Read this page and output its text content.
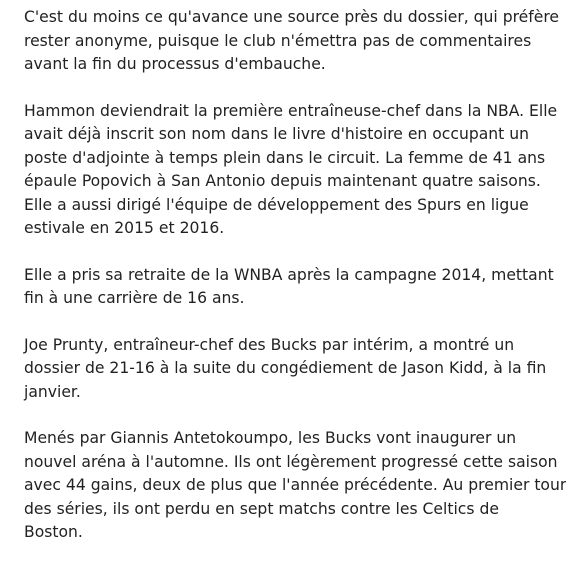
C'est du moins ce qu'avance une source près du dossier, qui préfère
rester anonyme, puisque le club n'émettra pas de commentaires
avant la fin du processus d'embauche.

Hammon deviendrait la première entraîneuse-chef dans la NBA. Elle
avait déjà inscrit son nom dans le livre d'histoire en occupant un
poste d'adjointe à temps plein dans le circuit. La femme de 41 ans
épaule Popovich à San Antonio depuis maintenant quatre saisons.
Elle a aussi dirigé l'équipe de développement des Spurs en ligue
estivale en 2015 et 2016.

Elle a pris sa retraite de la WNBA après la campagne 2014, mettant
fin à une carrière de 16 ans.

Joe Prunty, entraîneur-chef des Bucks par intérim, a montré un
dossier de 21-16 à la suite du congédiement de Jason Kidd, à la fin
janvier.

Menés par Giannis Antetokoumpo, les Bucks vont inaugurer un
nouvel aréna à l'automne. Ils ont légèrement progressé cette saison
avec 44 gains, deux de plus que l'année précédente. Au premier tour
des séries, ils ont perdu en sept matchs contre les Celtics de
Boston.
